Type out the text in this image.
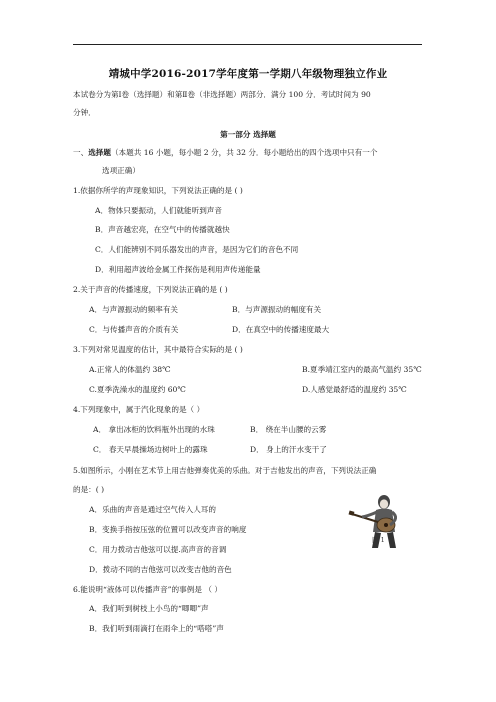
靖城中学2016-2017学年度第一学期八年级物理独立作业
本试卷分为第Ⅰ卷（选择题）和第Ⅱ卷（非选择题）两部分．满分 100 分．考试时间为 90
分钟．
第一部分 选择题
一、选择题（本题共 16 小题，每小题 2 分，共 32 分．每小题给出的四个选项中只有一个
选项正确）
1.依据你所学的声现象知识，下列说法正确的是 ( )
A．物体只要振动，人们就能听到声音
B．声音越宏亮，在空气中的传播就越快
C．人们能辨别不同乐器发出的声音，是因为它们的音色不同
D．利用超声波给金属工件探伤是利用声传递能量
2.关于声音的传播速度，下列说法正确的是 ( )
A．与声源振动的频率有关	B．与声源振动的幅度有关
C．与传播声音的介质有关	D．在真空中的传播速度最大
3.下列对常见温度的估计，其中最符合实际的是 ( )
A.正常人的体温约 38℃	B.夏季靖江室内的最高气温约 35℃
C.夏季洗澡水的温度约 60℃	D.人感觉最舒适的温度约 35℃
4.下列现象中，属于汽化现象的是（ ）
A． 拿出冰柜的饮料瓶外出现的水珠	B． 绕在半山腰的云雾
C． 春天早晨操场边树叶上的露珠	D． 身上的汗水变干了
5.如图所示，小刚在艺术节上用吉他弹奏优美的乐曲。对于吉他发出的声音，下列说法正确
的是：( )
A．乐曲的声音是通过空气传入人耳的
B．变换手指按压弦的位置可以改变声音的响度
C．用力拨动吉他弦可以提.高声音的音调
D．拨动不同的吉他弦可以改变吉他的音色
图 1
6.能说明“液体可以传播声音”的事例是 （ ）
A．我们听到树枝上小鸟的“唧唧”声
B．我们听到雨滴打在雨伞上的“嗒嗒”声
